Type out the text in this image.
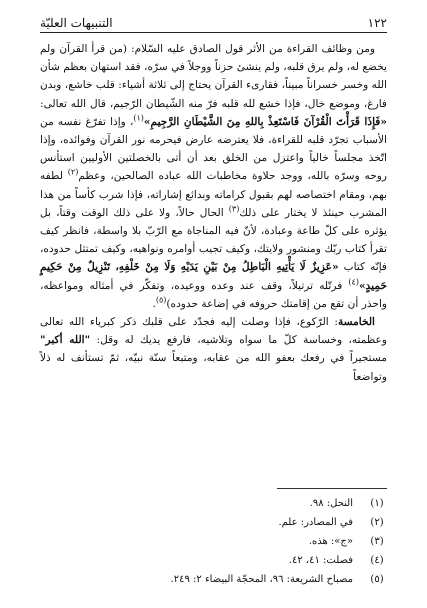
١٢٢
التنبيهات العليّة

ومن وظائف القراءة من الأثر قول الصادق عليه السّلام: (من قرأ القرآن ولم يخضع له، ولم يرق قلبه، ولم ينشئ حزناً ووجلاً في سرّه، فقد استهان بعظم شأن الله وخسر خسراناً مبيناً، فقارىء القرآن يحتاج إلى ثلاثة أشياء: قلب خاشع، وبدن فارغ، وموضع خال، فإذا خشع لله قلبه فرّ منه الشّيطان الرّجيم، قال الله تعالى: «فَإِذَا قَرَأْتَ الْقُرْآنَ فَاسْتَعِذْ بِاللهِ مِنَ الشَّيْطَانِ الرَّجِيمِ»$^{(١)}$، وإذا تفرّغ نفسه من الأسباب تجرّد قلبه للقراءة، فلا يعترضه عارض فيحرمه نور القرآن وفوائده، وإذا اتّخذ مجلساً خالياً واعتزل من الخلق بعد أن أتى بالخصلتين الأوليين استأنس روحه وسرّه بالله، ووجد حلاوة مخاطبات الله عباده الصالحين، وعظم$^{(٢)}$ لطفه بهم، ومقام اختصاصه لهم بقبول كراماته وبدائع إشاراته، فإذا شرب كأساً من هذا المشرب حينئذ لا يختار على ذلك$^{(٣)}$ الحال حالاً، ولا على ذلك الوقت وقتاً، بل يؤثره على كلّ طاعة وعبادة، لأنّ فيه المناجاة مع الرّبّ بلا واسطة، فانظر كيف تقرأ كتاب ربّك ومنشور ولايتك، وكيف تجيب أوامره ونواهيه، وكيف تمتثل حدوده، فإنّه كتاب «عَزِيزٌ لَا يَأْتِيهِ الْبَاطِلُ مِنْ بَيْنِ يَدَيْهِ وَلَا مِنْ خَلْفِهِ، تَنْزِيلٌ مِنْ حَكِيمٍ حَمِيدٍ»$^{(٤)}$ فرتّله ترتيلاً، وقف عند وعده ووعيده، وتفكّر في أمثاله ومواعظه، واحذر أن تقع من إقامتك حروفه في إضاعة حدوده)$^{(٥)}$.

الخامسة: الرّكوع، فإذا وصلت إليه فجدّد على قلبك ذكر كبرياء الله تعالى وعظمته، وخساسة كلّ ما سواه وتلاشيه، فارفع يديك له وقل: "الله أكبر" مستجيراً في رفعك بعفو الله من عقابه، ومتبعاً سنّة نبيّه، ثمّ تستأنف له ذلاً وتواضعاً

(١)
النحل: ٩٨.
(٢)
في المصادر: علم.
(٣)
«ج»: هذه.
(٤)
فصلت: ٤١، ٤٢.
(٥)
مصباح الشريعة: ٩٦، المحجّة البيضاء ٢: ٢٤٩.
